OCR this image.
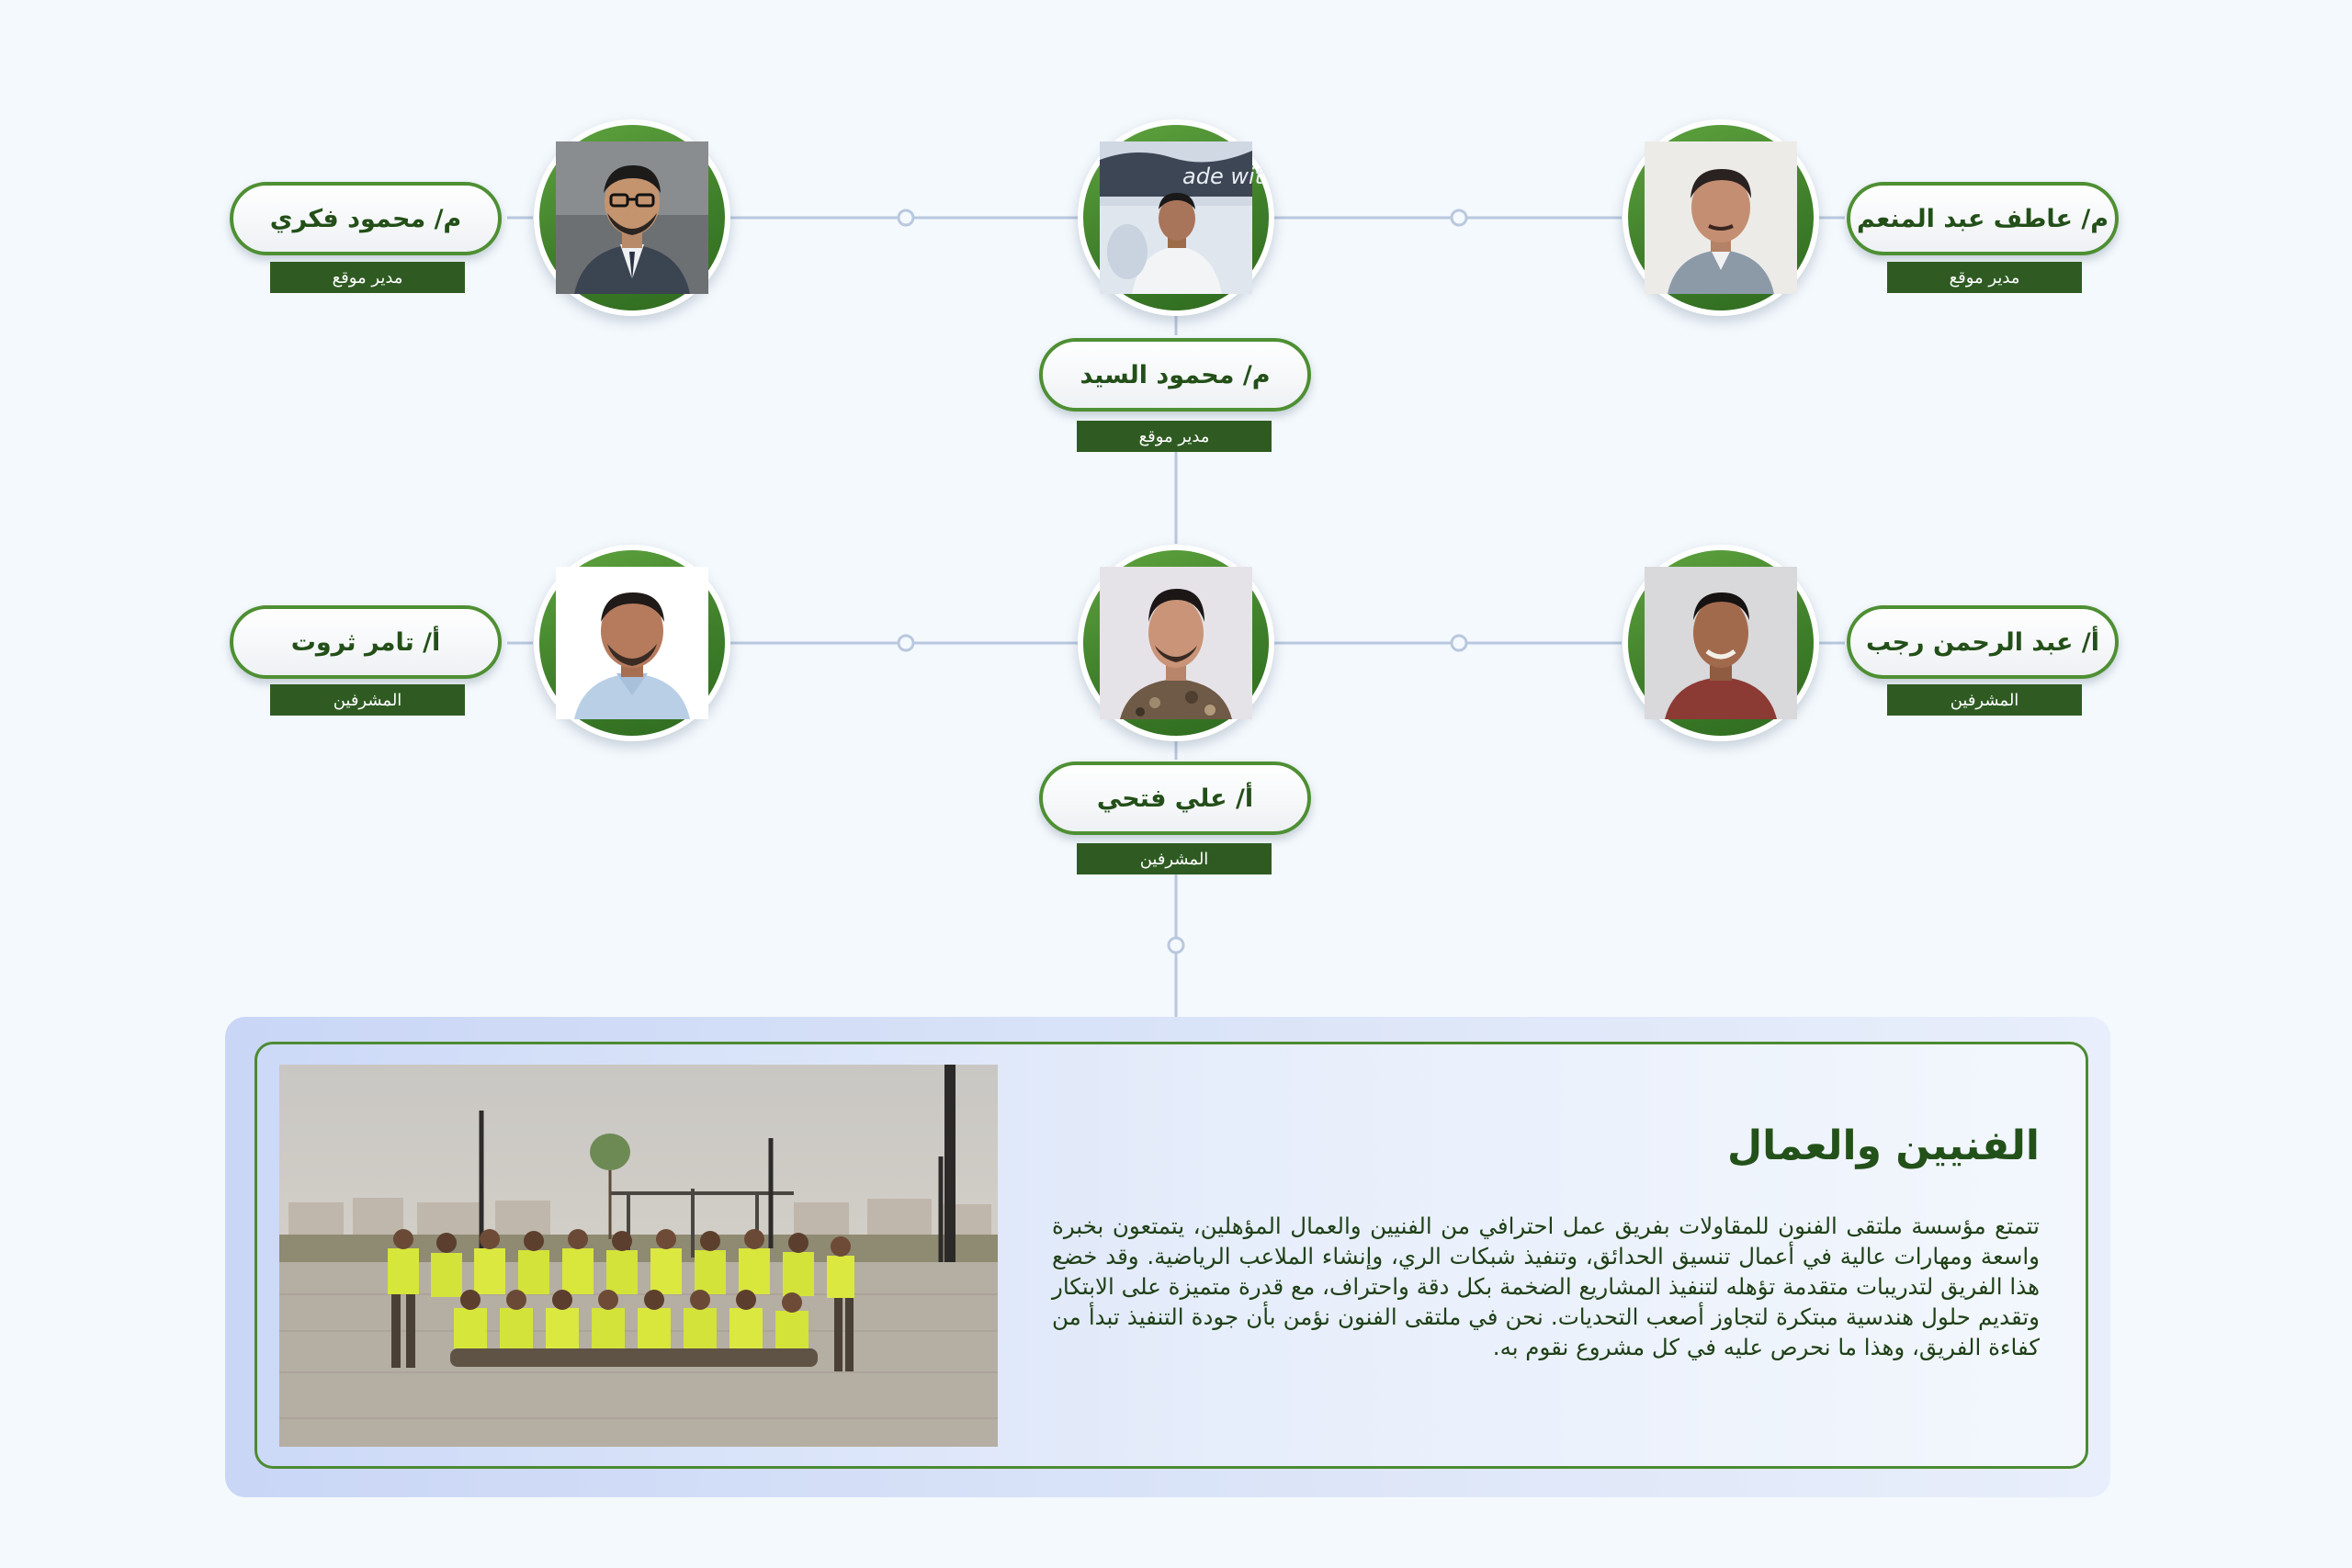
م/ محمود فكري
مدير موقع
ade wit
م/ محمود السيد
مدير موقع
م/ عاطف عبد المنعم
مدير موقع
أ/ تامر ثروت
المشرفين
أ/ علي فتحي
المشرفين
أ/ عبد الرحمن رجب
المشرفين
الفنيين والعمال
تتمتع مؤسسة ملتقى الفنون للمقاولات بفريق عمل احترافي من الفنيين والعمال المؤهلين، يتمتعون بخبرة واسعة ومهارات عالية في أعمال تنسيق الحدائق، وتنفيذ شبكات الري، وإنشاء الملاعب الرياضية. وقد خضع هذا الفريق لتدريبات متقدمة تؤهله لتنفيذ المشاريع الضخمة بكل دقة واحتراف، مع قدرة متميزة على الابتكار وتقديم حلول هندسية مبتكرة لتجاوز أصعب التحديات. نحن في ملتقى الفنون نؤمن بأن جودة التنفيذ تبدأ من كفاءة الفريق، وهذا ما نحرص عليه في كل مشروع نقوم به.
